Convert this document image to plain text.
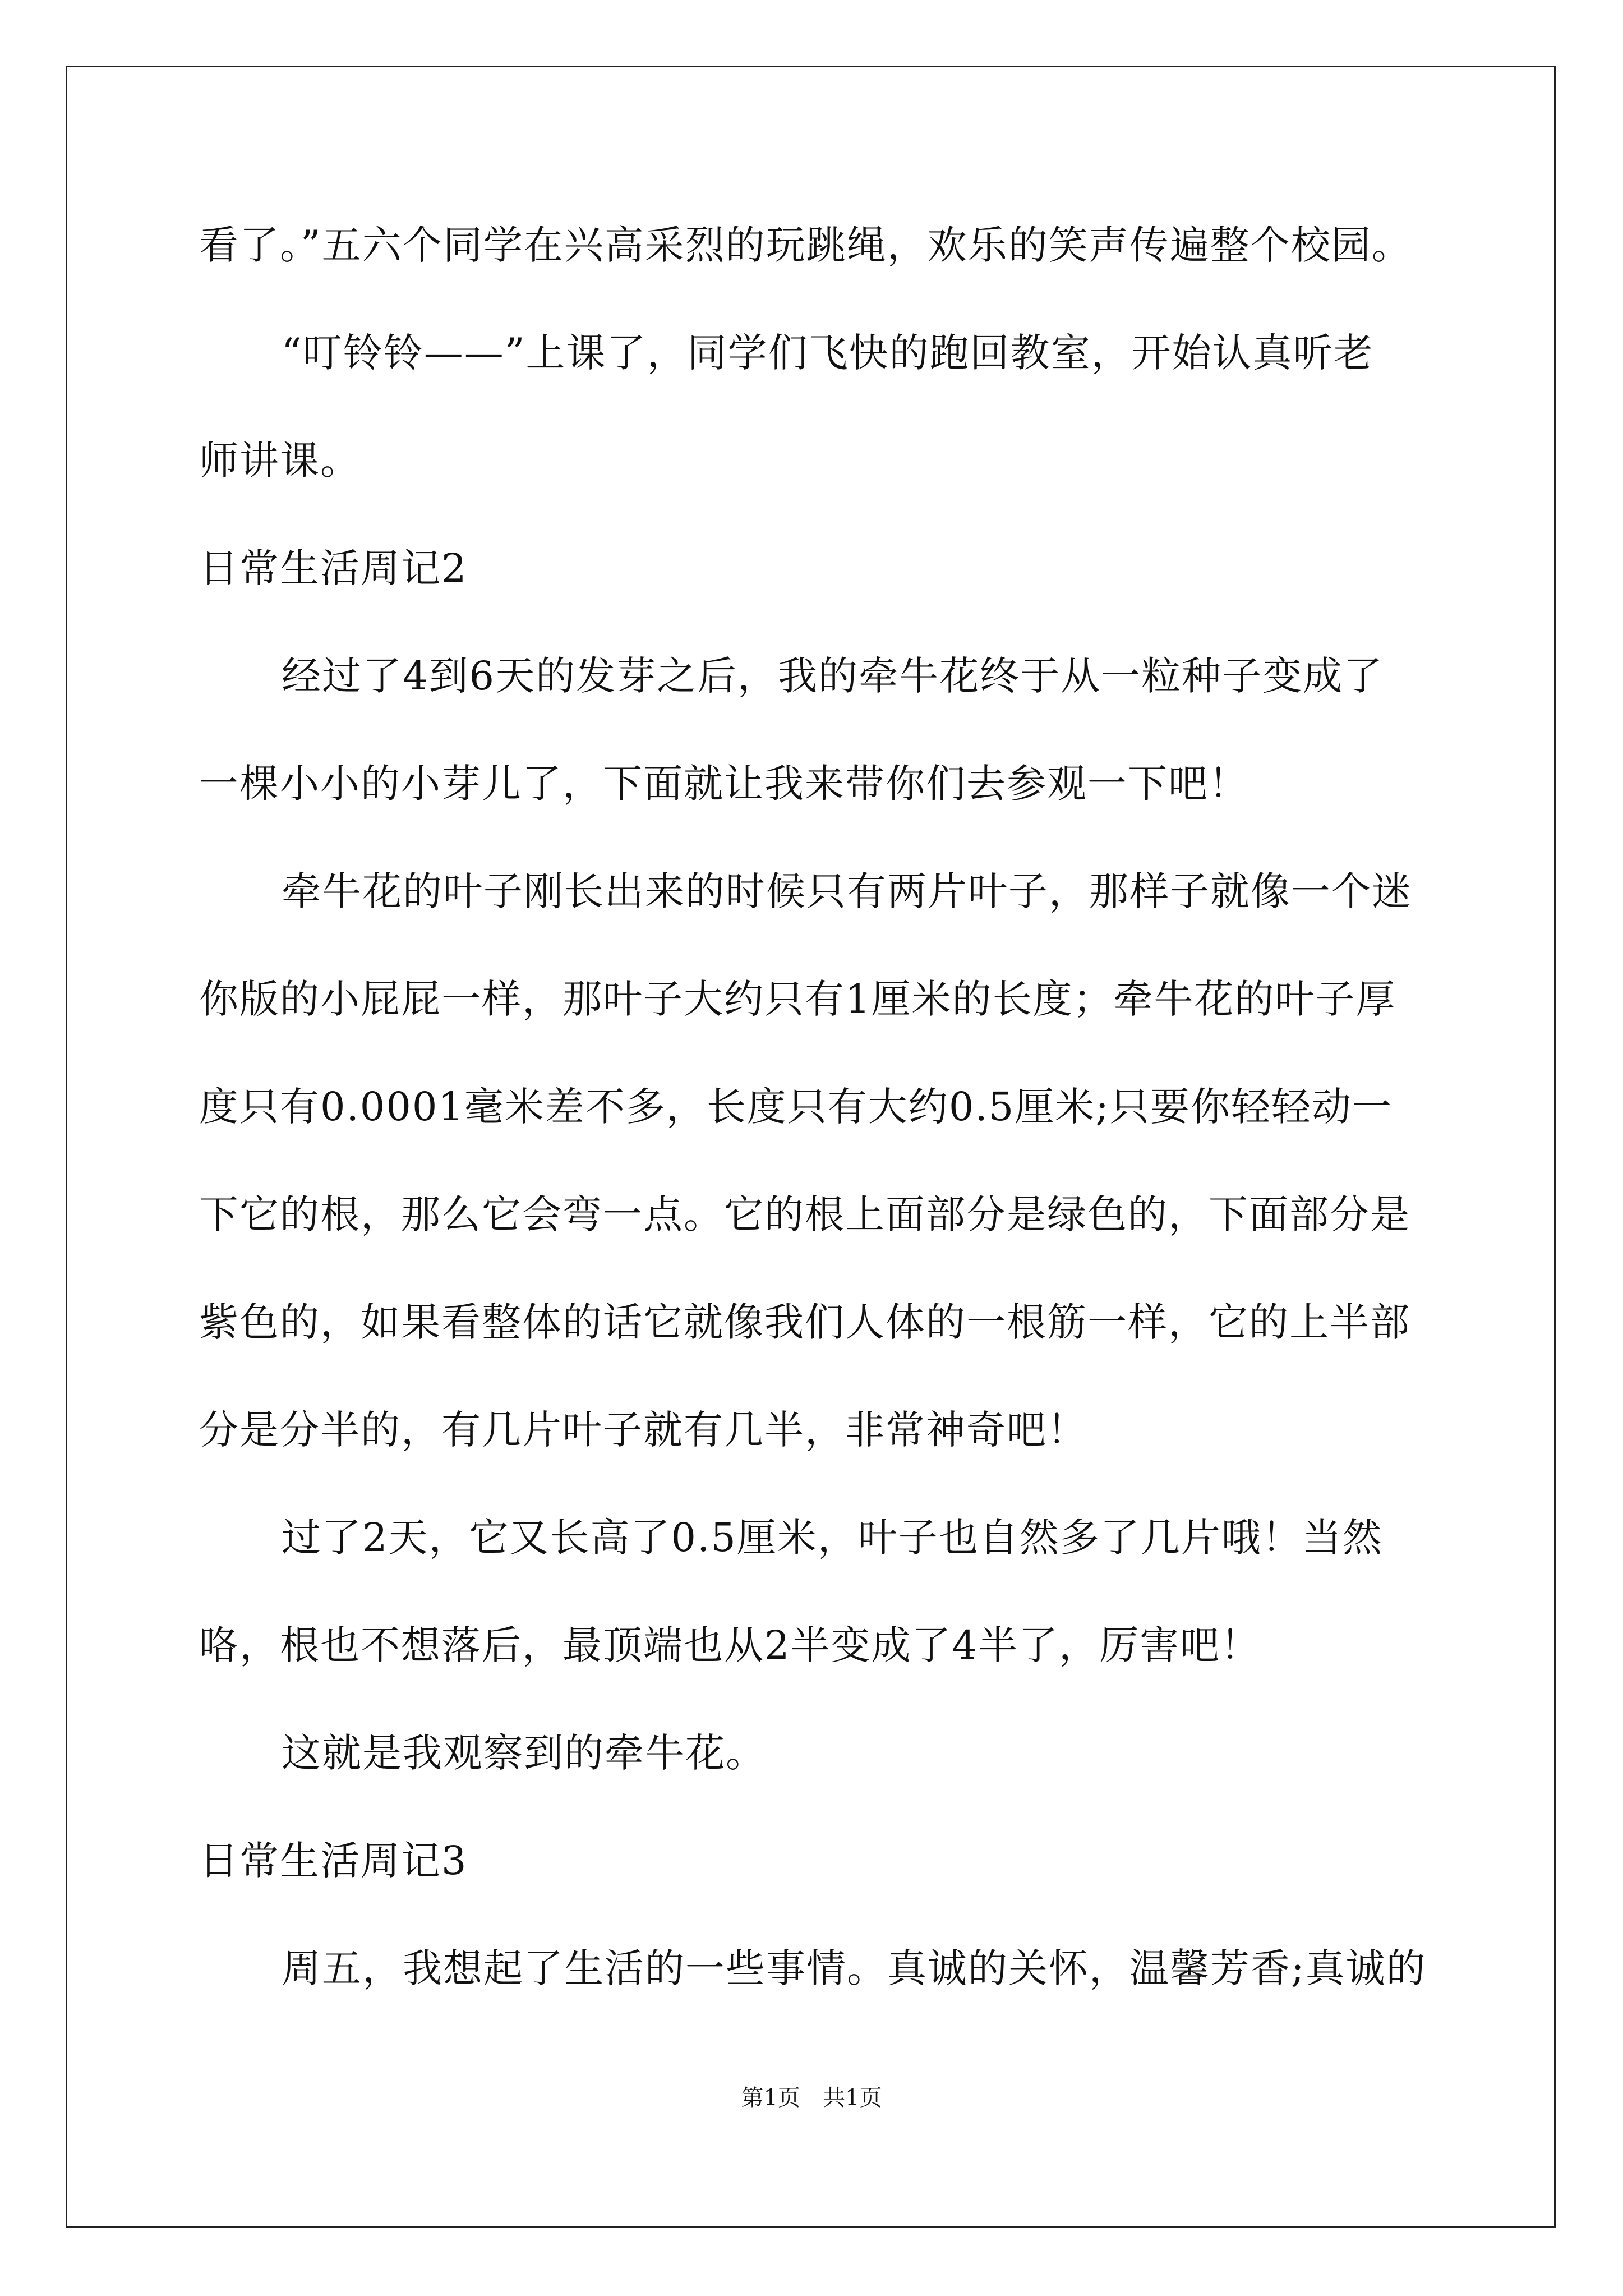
看了。”五六个同学在兴高采烈的玩跳绳，欢乐的笑声传遍整个校园。
“叮铃铃——”上课了，同学们飞快的跑回教室，开始认真听老
师讲课。
日常生活周记2
经过了4到6天的发芽之后，我的牵牛花终于从一粒种子变成了
一棵小小的小芽儿了，下面就让我来带你们去参观一下吧！
牵牛花的叶子刚长出来的时候只有两片叶子，那样子就像一个迷
你版的小屁屁一样，那叶子大约只有1厘米的长度；牵牛花的叶子厚
度只有0.0001毫米差不多，长度只有大约0.5厘米;只要你轻轻动一
下它的根，那么它会弯一点。它的根上面部分是绿色的，下面部分是
紫色的，如果看整体的话它就像我们人体的一根筋一样，它的上半部
分是分半的，有几片叶子就有几半，非常神奇吧！
过了2天，它又长高了0.5厘米，叶子也自然多了几片哦！当然
咯，根也不想落后，最顶端也从2半变成了4半了，厉害吧！
这就是我观察到的牵牛花。
日常生活周记3
周五，我想起了生活的一些事情。真诚的关怀，温馨芳香;真诚的
第1页　共1页
